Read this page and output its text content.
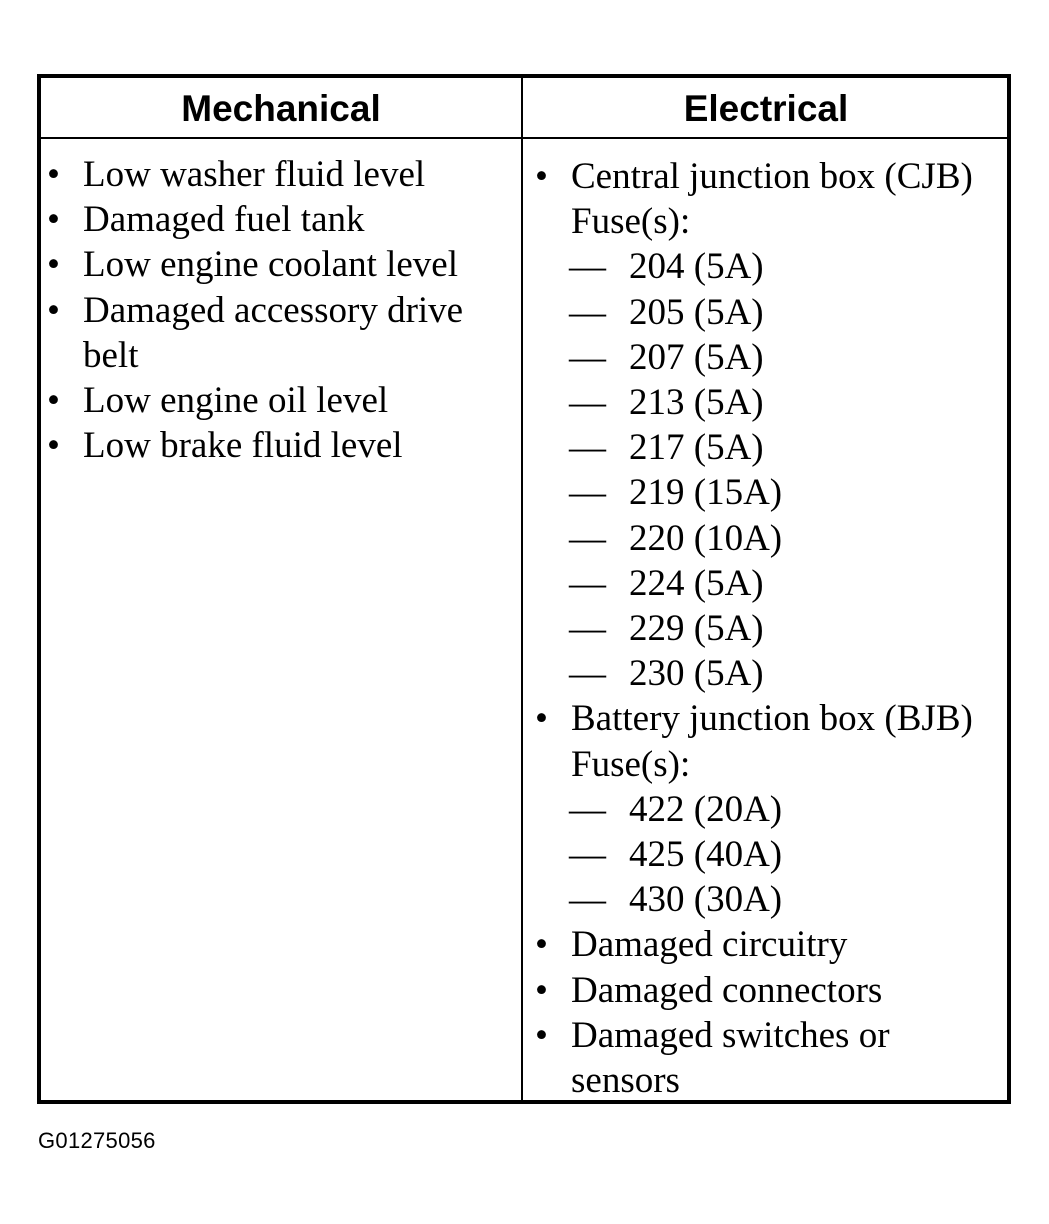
Mechanical	Electrical
• Low washer fluid level
• Damaged fuel tank
• Low engine coolant level
• Damaged accessory drive belt
• Low engine oil level
• Low brake fluid level
• Central junction box (CJB) Fuse(s):
— 204 (5A)
— 205 (5A)
— 207 (5A)
— 213 (5A)
— 217 (5A)
— 219 (15A)
— 220 (10A)
— 224 (5A)
— 229 (5A)
— 230 (5A)
• Battery junction box (BJB) Fuse(s):
— 422 (20A)
— 425 (40A)
— 430 (30A)
• Damaged circuitry
• Damaged connectors
• Damaged switches or sensors
G01275056
